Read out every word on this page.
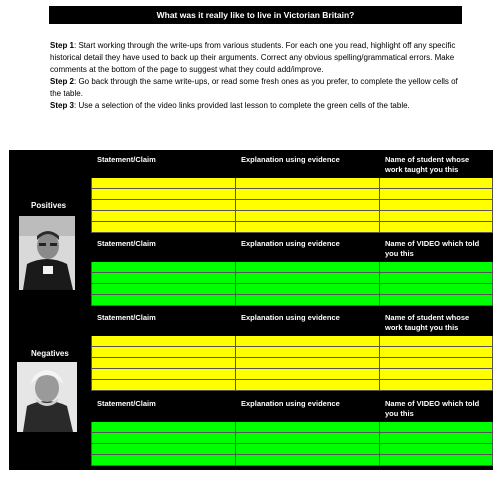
What was it really like to live in Victorian Britain?

Step 1: Start working through the write-ups from various students. For each one you read, highlight off any specific historical detail they have used to back up their arguments. Correct any obvious spelling/grammatical errors. Make comments at the bottom of the page to suggest what they could add/improve.

Step 2: Go back through the same write-ups, or read some fresh ones as you prefer, to complete the yellow cells of the table.

Step 3: Use a selection of the video links provided last lesson to complete the green cells of the table.

Positives
Negatives
Statement/Claim	Explanation using evidence	Name of student whose work taught you this

Statement/Claim	Explanation using evidence	Name of VIDEO which told you this

Statement/Claim	Explanation using evidence	Name of student whose work taught you this

Statement/Claim	Explanation using evidence	Name of VIDEO which told you this
